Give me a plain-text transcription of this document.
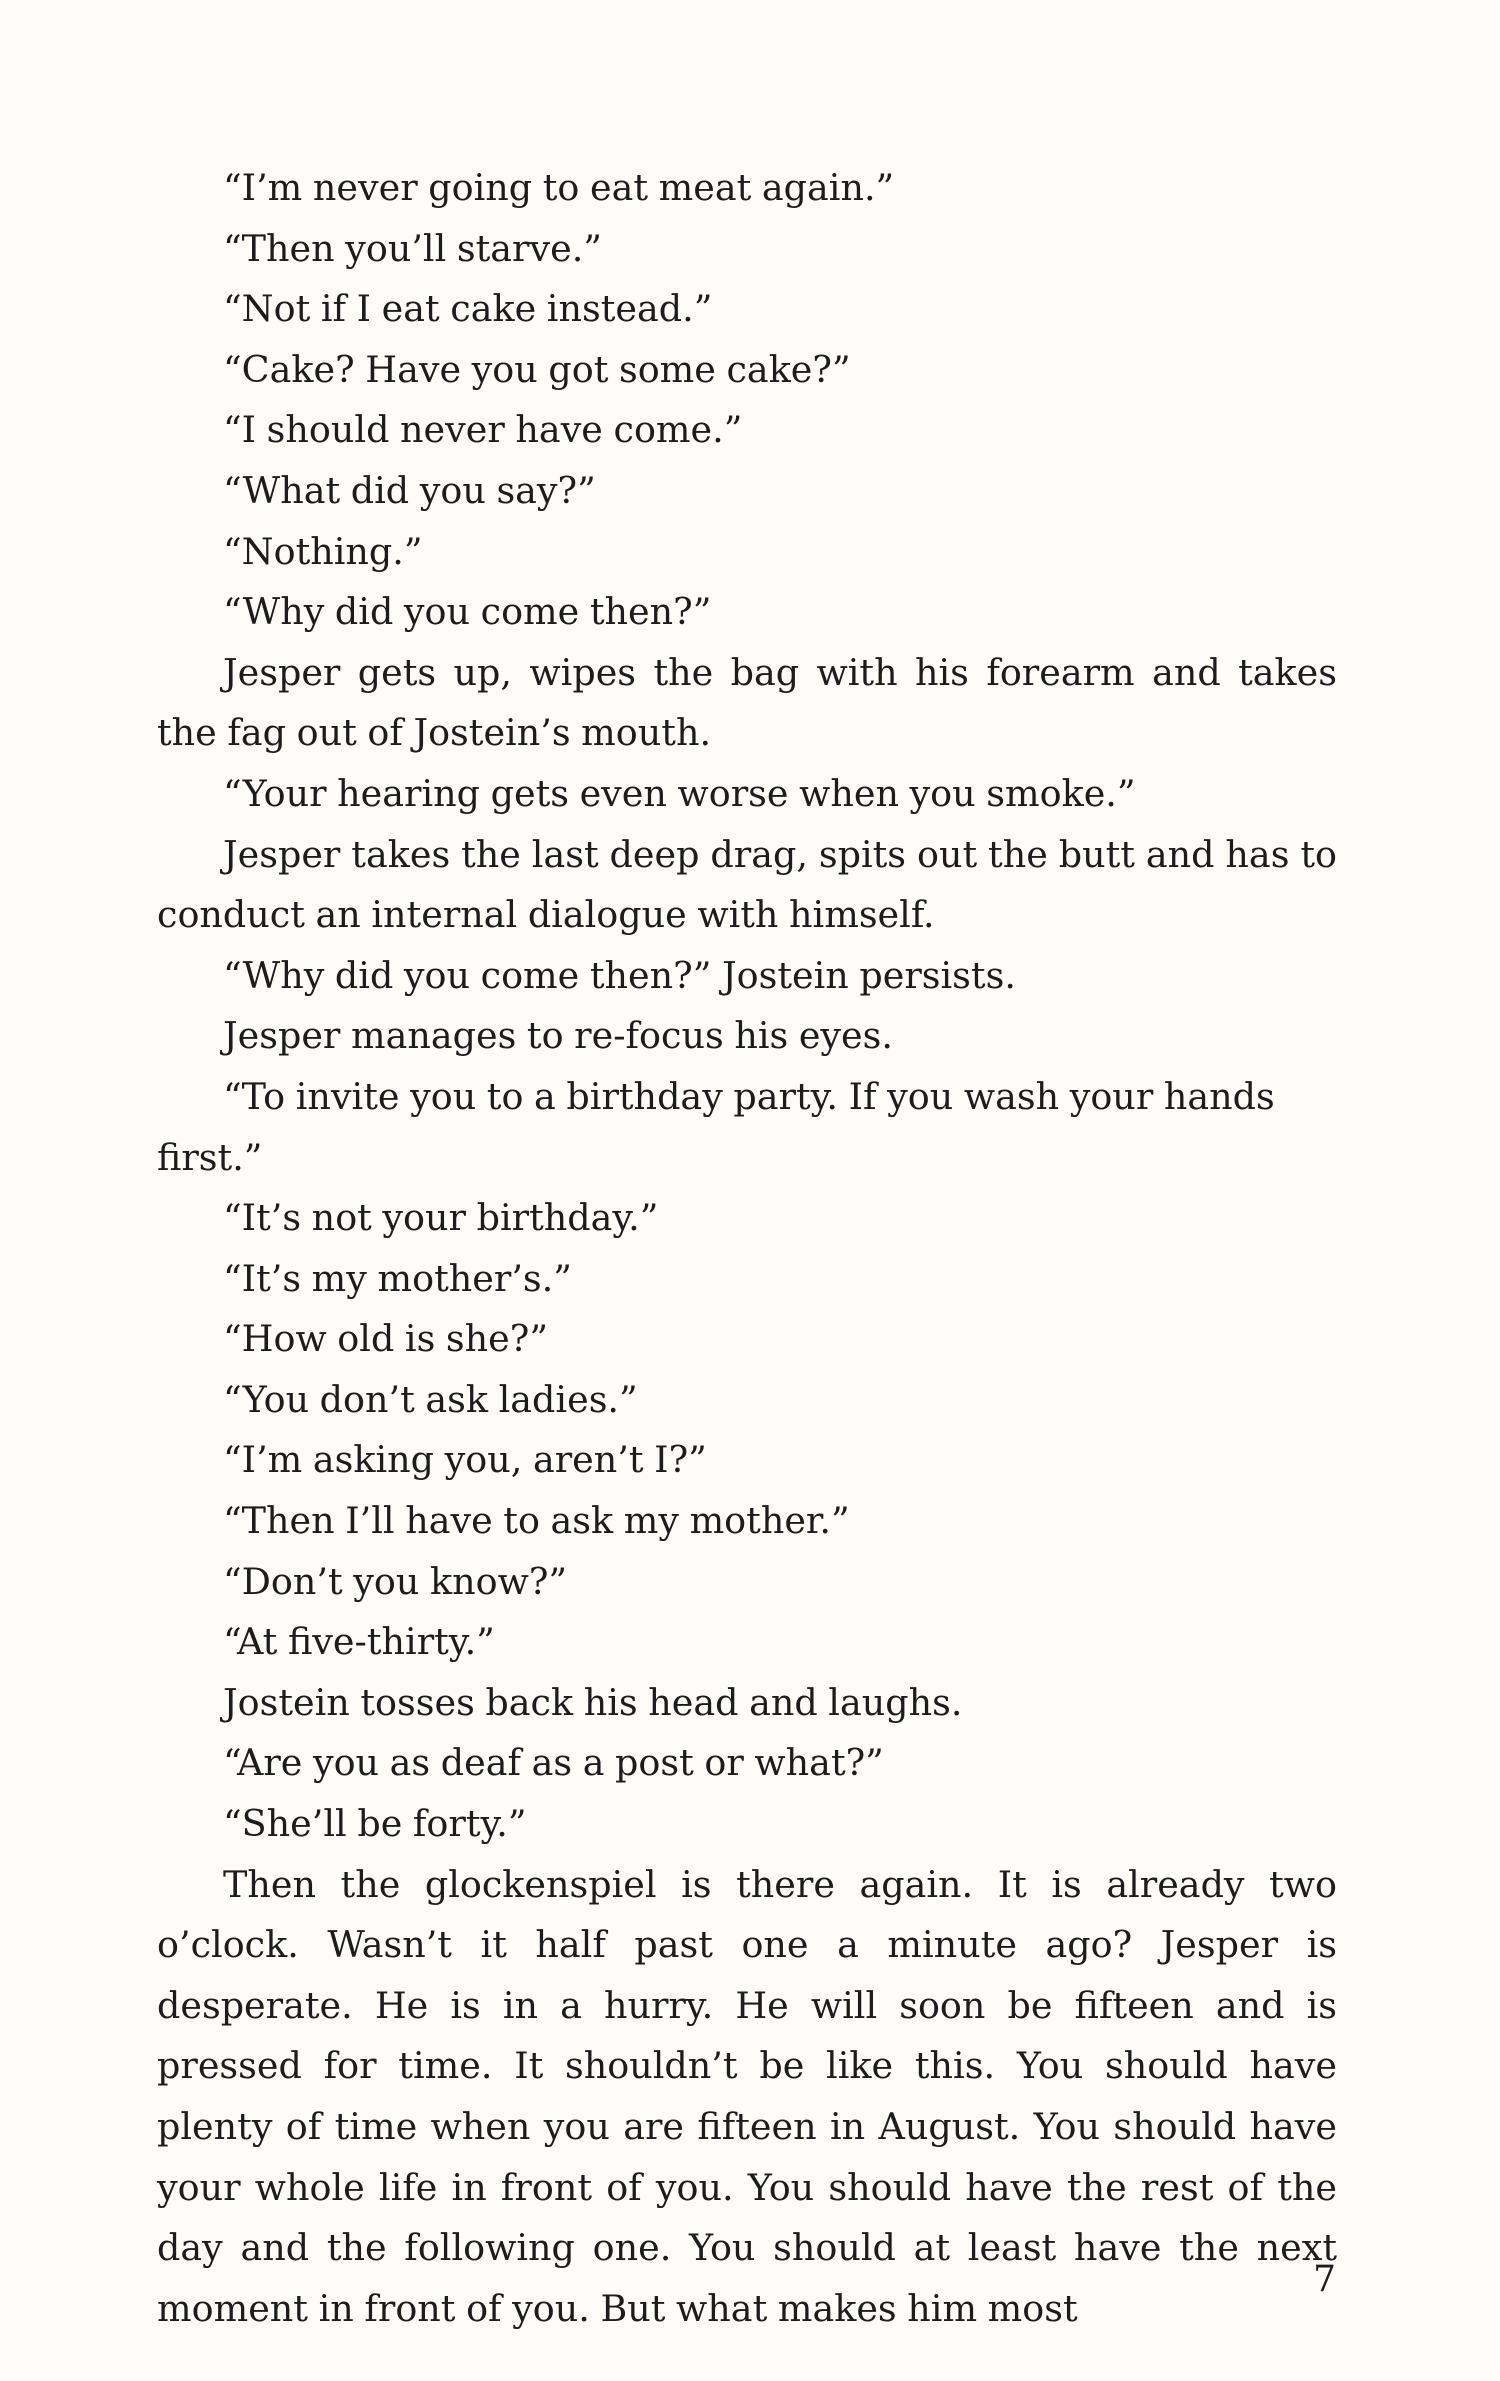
“I’m never going to eat meat again.”

“Then you’ll starve.”

“Not if I eat cake instead.”

“Cake? Have you got some cake?”

“I should never have come.”

“What did you say?”

“Nothing.”

“Why did you come then?”

Jesper gets up, wipes the bag with his forearm and takes the fag out of Jostein’s mouth.

“Your hearing gets even worse when you smoke.”

Jesper takes the last deep drag, spits out the butt and has to conduct an internal dialogue with himself.

“Why did you come then?” Jostein persists.

Jesper manages to re-focus his eyes.

“To invite you to a birthday party. If you wash your hands first.”

“It’s not your birthday.”

“It’s my mother’s.”

“How old is she?”

“You don’t ask ladies.”

“I’m asking you, aren’t I?”

“Then I’ll have to ask my mother.”

“Don’t you know?”

“At five-thirty.”

Jostein tosses back his head and laughs.

“Are you as deaf as a post or what?”

“She’ll be forty.”

Then the glockenspiel is there again. It is already two o’clock. Wasn’t it half past one a minute ago? Jesper is desperate. He is in a hurry. He will soon be fifteen and is pressed for time. It shouldn’t be like this. You should have plenty of time when you are fifteen in August. You should have your whole life in front of you. You should have the rest of the day and the following one. You should at least have the next moment in front of you. But what makes him most

7
